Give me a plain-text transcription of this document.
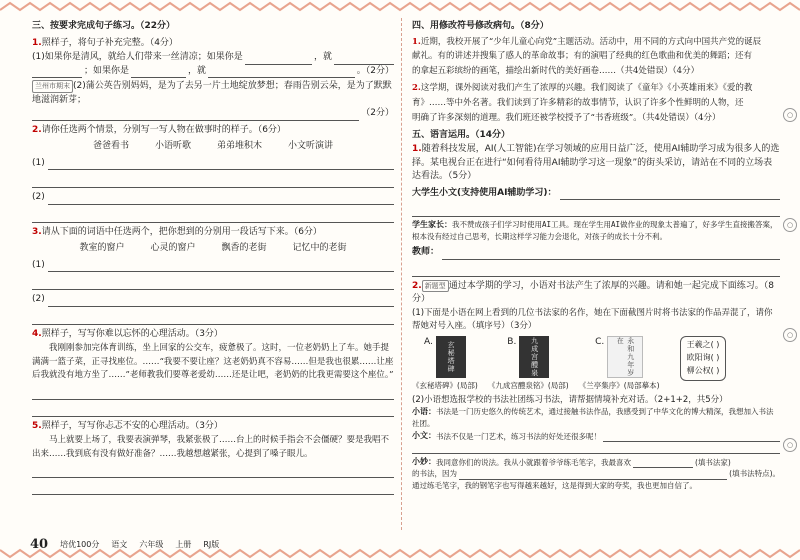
三、按要求完成句子练习。（22分）
1.照样子，将句子补充完整。（4分）
(1)如果你是清风，就给人们带来一丝清凉；如果你是	，就
；如果你是	，就	。（2分）
兰州市期末 (2)蒲公英告别妈妈，是为了去另一片土地绽放梦想；春雨告别云朵，是为了默默地滋润新芽；
（2分）
2.请你任选两个情景，分别写一写人物在做事时的样子。（6分）
爸爸看书	小语听歌	弟弟堆积木	小文听演讲
(1)
(2)
3.请从下面的词语中任选两个，把你想到的分别用一段话写下来。（6分）
教室的窗户	心灵的窗户	飘香的老街	记忆中的老街
(1)
(2)
4.照样子，写写你难以忘怀的心理活动。（3分）
我刚刚参加完体育训练，坐上回家的公交车，疲惫极了。这时，一位老奶奶上了车。她手提满满一篮子菜，正寻找座位。……“我要不要让座？这老奶奶真不容易……但是我也很累……让座后我就没有地方坐了……”老师教我们要尊老爱幼……还是让吧，老奶奶的比我更需要这个座位。”
5.照样子，写写你忐忑不安的心理活动。（3分）
马上就要上场了，我要表演弹琴，我紧张极了……台上的时候手指会不会僵硬？要是我唱不出来……我到底有没有做好准备？……我越想越紧张，心提到了嗓子眼儿。
四、用修改符号修改病句。（8分）
1.近期，我校开展了“少年儿童心向党”主题活动。活动中，用不同的方式向中国共产党的诞辰
献礼。有的讲述并搜集了感人的革命故事；有的演唱了经典的红色歌曲和优美的舞蹈；还有
的拿起五彩缤纷的画笔，描绘出新时代的美好画卷……（共4处错误）（4分）
2.这学期，课外阅读对我们产生了浓厚的兴趣。我们阅读了《童年》《小英雄雨来》《爱的教
育》……等中外名著。我们读到了许多精彩的故事情节，认识了许多个性鲜明的人物，还
明确了许多深刻的道理。我们班还被学校授予了“书香班级”。（共4处错误）（4分）
五、语言运用。（14分）
1.随着科技发展，AI(人工智能)在学习领域的应用日益广泛，使用AI辅助学习成为很多人的选择。某电视台正在进行“如何看待用AI辅助学习这一现象”的街头采访，请站在不同的立场表达看法。（5分）
大学生小文(支持使用AI辅助学习)：
学生家长：我不赞成孩子们学习时使用AI工具。现在学生用AI做作业的现象太普遍了，好多学生直接搬答案，根本没有经过自己思考，长期这样学习能力会退化，对孩子的成长十分不利。
教师：
2. 新题型 通过本学期的学习，小语对书法产生了浓厚的兴趣。请和她一起完成下面练习。（8分）
(1)下面是小语在网上看到的几位书法家的名作，她在下面截图片时将书法家的作品弄混了，请你帮她对号入座。（填序号）（3分）
A.	玄秘塔碑
《玄秘塔碑》(局部)
B.	九成宫醴泉
《九成宫醴泉铭》(局部)
C.	永和九年岁在
《兰亭集序》(局部摹本)
王羲之( )
欧阳询( )
柳公权( )
(2)小语想选报学校的书法社团练习书法，请帮据情境补充对话。（2+1+2，共5分）
小语：书法是一门历史悠久的传统艺术，通过接触书法作品，我感受到了中华文化的博大精深，我想加入书法社团。
小文： 书法不仅是一门艺术，练习书法的好处还很多呢！
小妙： 我同意你们的说法。我从小就跟着爷爷练毛笔字，我最喜欢	(填书法家)
的书法，因为	(填书法特点)。
通过练毛笔字，我的钢笔字也写得越来越好，这是得到大家的夸奖，我也更加自信了。
○
○
○
○
40 培优100分 语文 六年级 上册 RJ版
